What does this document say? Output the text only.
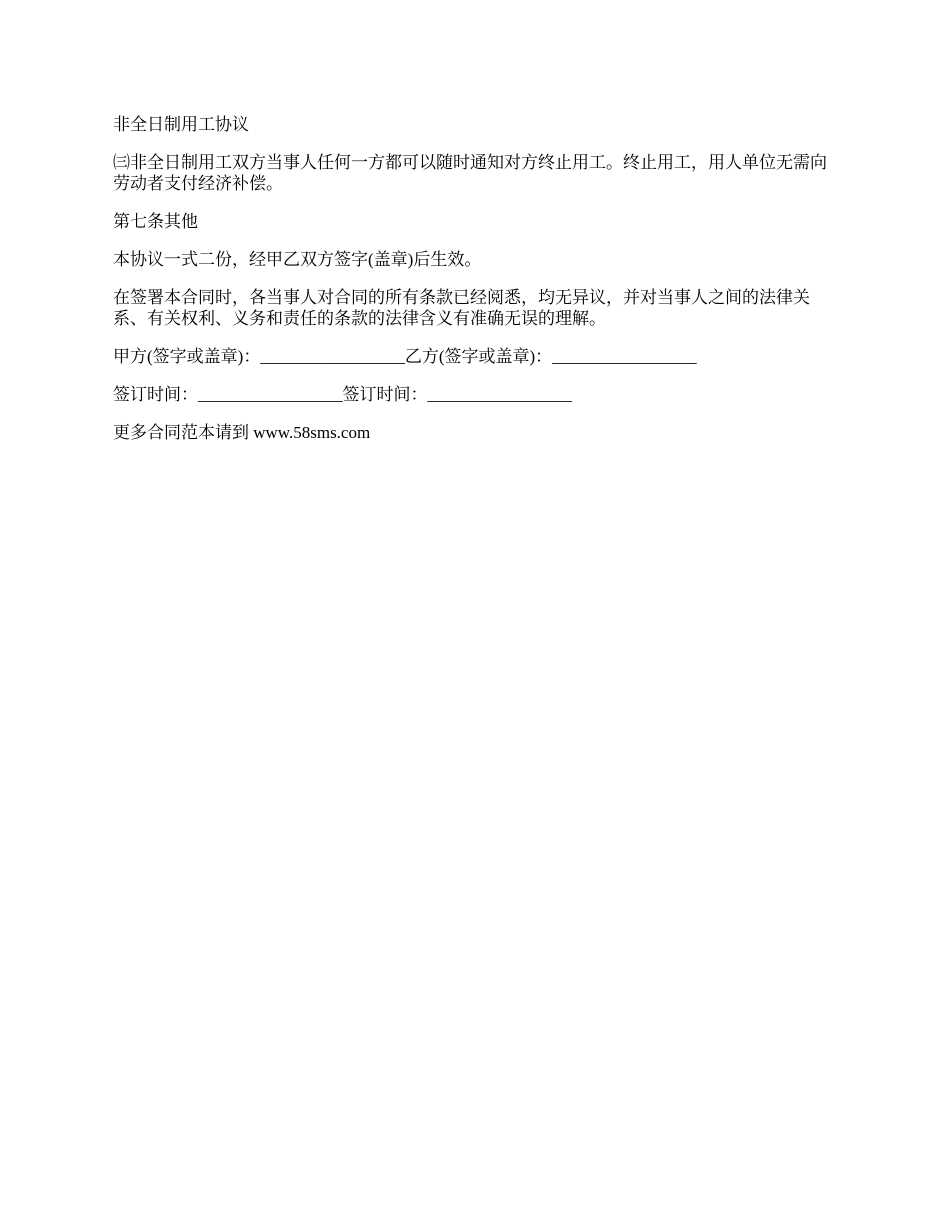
非全日制用工协议

㈢非全日制用工双方当事人任何一方都可以随时通知对方终止用工。终止用工，用人单位无需向劳动者支付经济补偿。

第七条其他

本协议一式二份，经甲乙双方签字(盖章)后生效。

在签署本合同时，各当事人对合同的所有条款已经阅悉，均无异议，并对当事人之间的法律关系、有关权利、义务和责任的条款的法律含义有准确无误的理解。

甲方(签字或盖章)：_________________乙方(签字或盖章)：_________________

签订时间：_________________签订时间：_________________

更多合同范本请到 www.58sms.com
